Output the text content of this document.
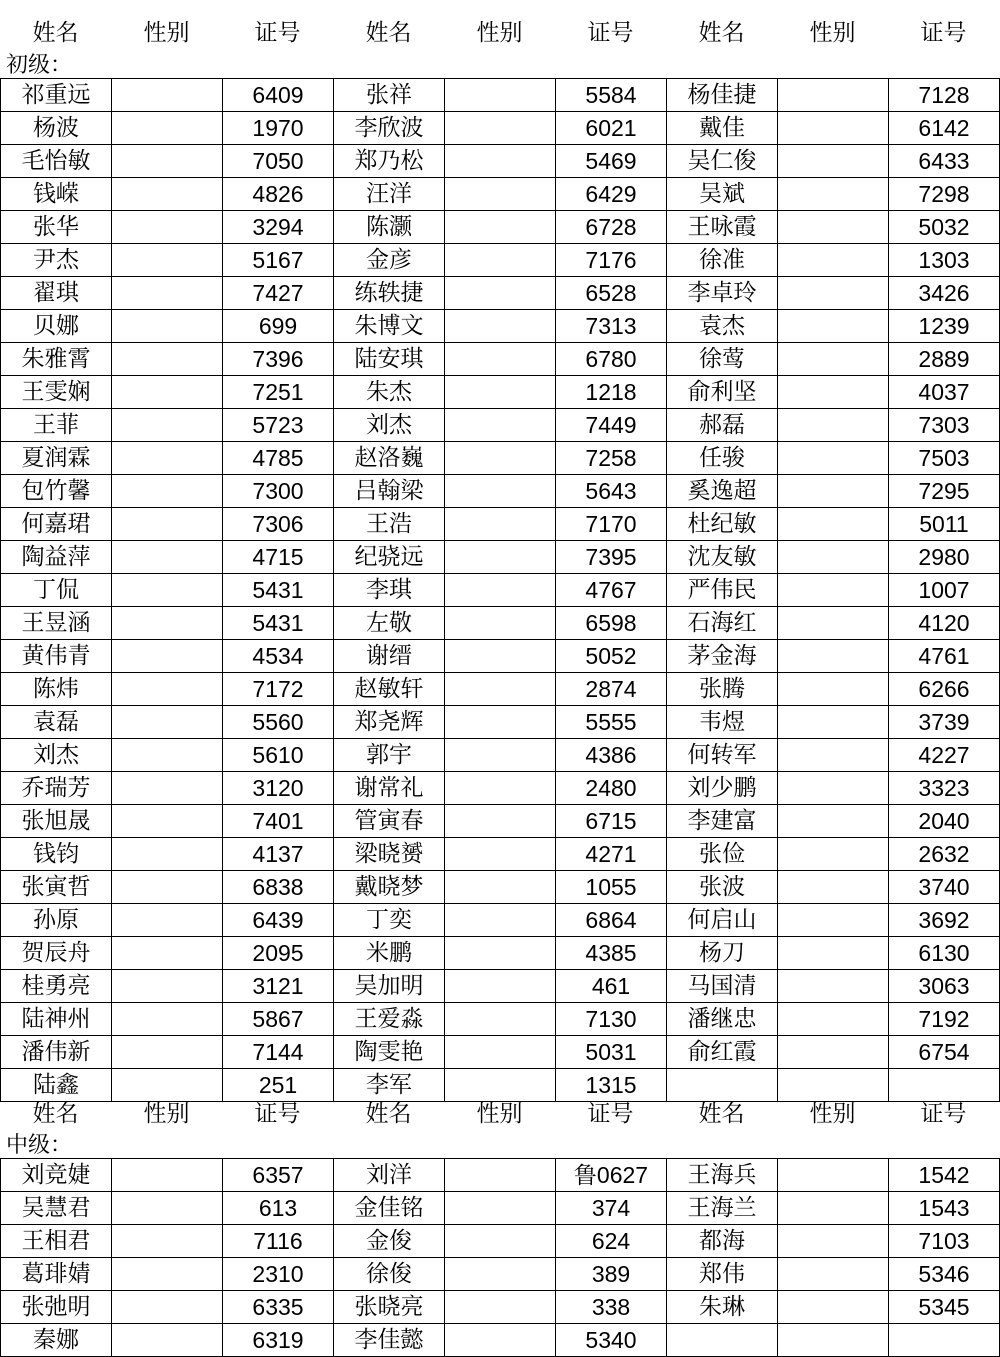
姓名	性别	证号	姓名	性别	证号	姓名	性别	证号
初级：
祁重远		6409	张祥		5584	杨佳捷		7128
杨波		1970	李欣波		6021	戴佳		6142
毛怡敏		7050	郑乃松		5469	吴仁俊		6433
钱嵘		4826	汪洋		6429	吴斌		7298
张华		3294	陈灏		6728	王咏霞		5032
尹杰		5167	金彦		7176	徐准		1303
翟琪		7427	练轶捷		6528	李卓玲		3426
贝娜		699	朱博文		7313	袁杰		1239
朱雅霄		7396	陆安琪		6780	徐莺		2889
王雯娴		7251	朱杰		1218	俞利坚		4037
王菲		5723	刘杰		7449	郝磊		7303
夏润霖		4785	赵洛巍		7258	任骏		7503
包竹馨		7300	吕翰梁		5643	奚逸超		7295
何嘉珺		7306	王浩		7170	杜纪敏		5011
陶益萍		4715	纪骁远		7395	沈友敏		2980
丁侃		5431	李琪		4767	严伟民		1007
王昱涵		5431	左敬		6598	石海红		4120
黄伟青		4534	谢缙		5052	茅金海		4761
陈炜		7172	赵敏轩		2874	张腾		6266
袁磊		5560	郑尧辉		5555	韦煜		3739
刘杰		5610	郭宇		4386	何转军		4227
乔瑞芳		3120	谢常礼		2480	刘少鹏		3323
张旭晟		7401	管寅春		6715	李建富		2040
钱钧		4137	梁晓赟		4271	张俭		2632
张寅哲		6838	戴晓梦		1055	张波		3740
孙原		6439	丁奕		6864	何启山		3692
贺辰舟		2095	米鹏		4385	杨刀		6130
桂勇亮		3121	吴加明		461	马国清		3063
陆神州		5867	王爱淼		7130	潘继忠		7192
潘伟新		7144	陶雯艳		5031	俞红霞		6754
陆鑫		251	李军		1315			
姓名	性别	证号	姓名	性别	证号	姓名	性别	证号
中级：
刘竞婕		6357	刘洋		鲁0627	王海兵		1542
吴慧君		613	金佳铭		374	王海兰		1543
王相君		7116	金俊		624	都海		7103
葛琲婧		2310	徐俊		389	郑伟		5346
张弛明		6335	张晓亮		338	朱琳		5345
秦娜		6319	李佳懿		5340			
